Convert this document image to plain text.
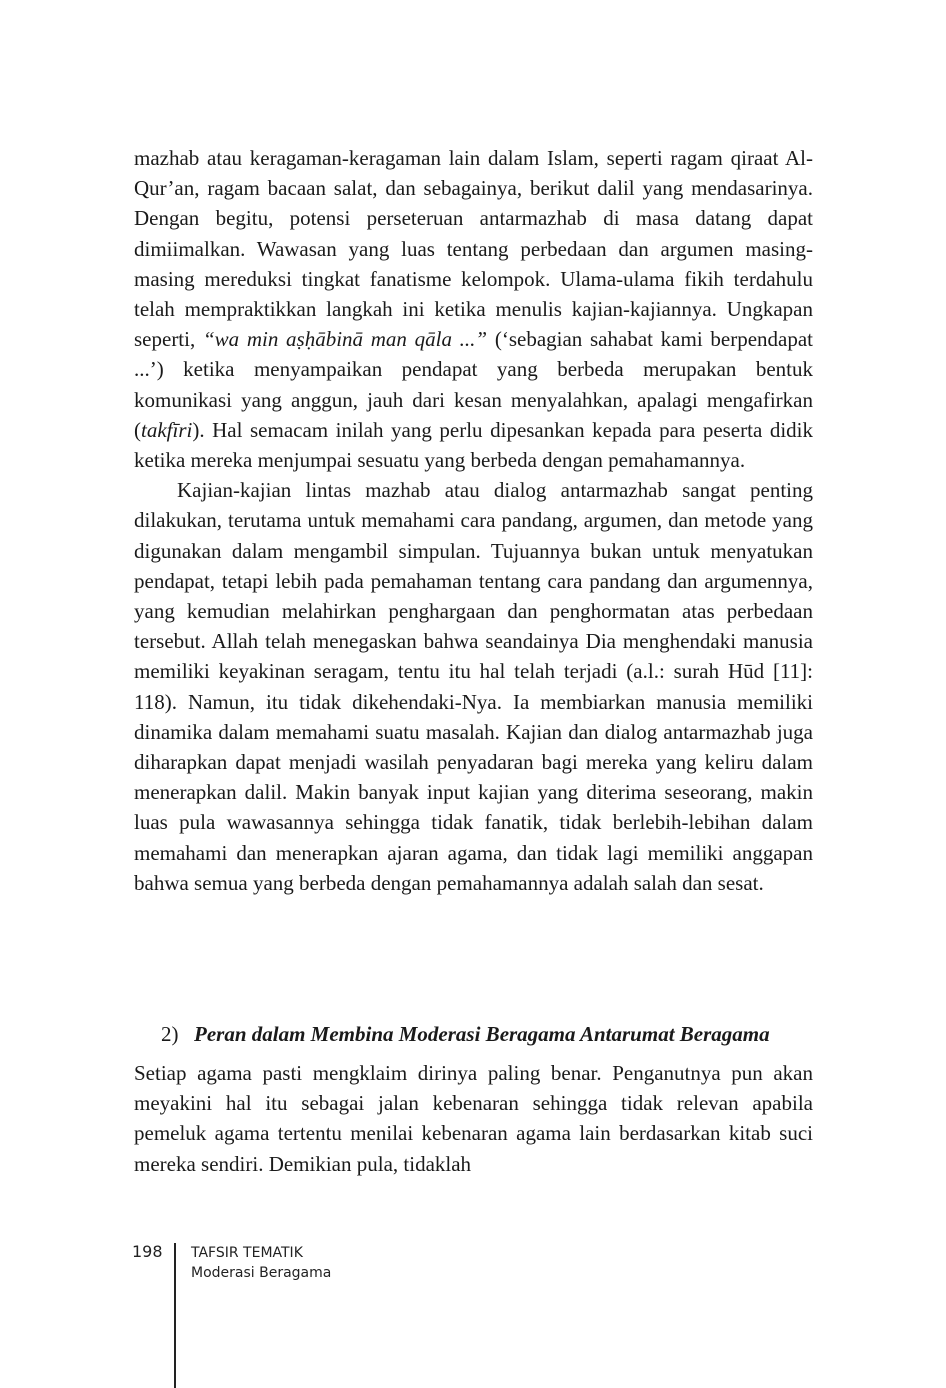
mazhab atau keragaman-keragaman lain dalam Islam, seperti ragam qiraat Al-Qur’an, ragam bacaan salat, dan sebagainya, berikut dalil yang mendasarinya. Dengan begitu, potensi perseteruan antarmazhab di masa datang dapat dimiimalkan. Wawasan yang luas tentang perbedaan dan argumen masing-masing mereduksi tingkat fanatisme kelompok. Ulama-ulama fikih terdahulu telah mempraktikkan langkah ini ketika menulis kajian-kajiannya. Ungkapan seperti, “wa min aṣḥābinā man qāla ...” (‘sebagian sahabat kami berpendapat ...’) ketika menyampaikan pendapat yang berbeda merupakan bentuk komunikasi yang anggun, jauh dari kesan menyalahkan, apalagi mengafirkan (takfīri). Hal semacam inilah yang perlu dipesankan kepada para peserta didik ketika mereka menjumpai sesuatu yang berbeda dengan pemahamannya.

Kajian-kajian lintas mazhab atau dialog antarmazhab sangat penting dilakukan, terutama untuk memahami cara pandang, argumen, dan metode yang digunakan dalam mengambil simpulan. Tujuannya bukan untuk menyatukan pendapat, tetapi lebih pada pemahaman tentang cara pandang dan argumennya, yang kemudian melahirkan penghargaan dan penghormatan atas perbedaan tersebut. Allah telah menegaskan bahwa seandainya Dia menghendaki manusia memiliki keyakinan seragam, tentu itu hal telah terjadi (a.l.: surah Hūd [11]: 118). Namun, itu tidak dikehendaki-Nya. Ia membiarkan manusia memiliki dinamika dalam memahami suatu masalah. Kajian dan dialog antarmazhab juga diharapkan dapat menjadi wasilah penyadaran bagi mereka yang keliru dalam menerapkan dalil. Makin banyak input kajian yang diterima seseorang, makin luas pula wawasannya sehingga tidak fanatik, tidak berlebih-lebihan dalam memahami dan menerapkan ajaran agama, dan tidak lagi memiliki anggapan bahwa semua yang berbeda dengan pemahamannya adalah salah dan sesat.

2) Peran dalam Membina Moderasi Beragama Antarumat Beragama

Setiap agama pasti mengklaim dirinya paling benar. Penganutnya pun akan meyakini hal itu sebagai jalan kebenaran sehingga tidak relevan apabila pemeluk agama tertentu menilai kebenaran agama lain berdasarkan kitab suci mereka sendiri. Demikian pula, tidaklah

198 TAFSIR TEMATIK
Moderasi Beragama
